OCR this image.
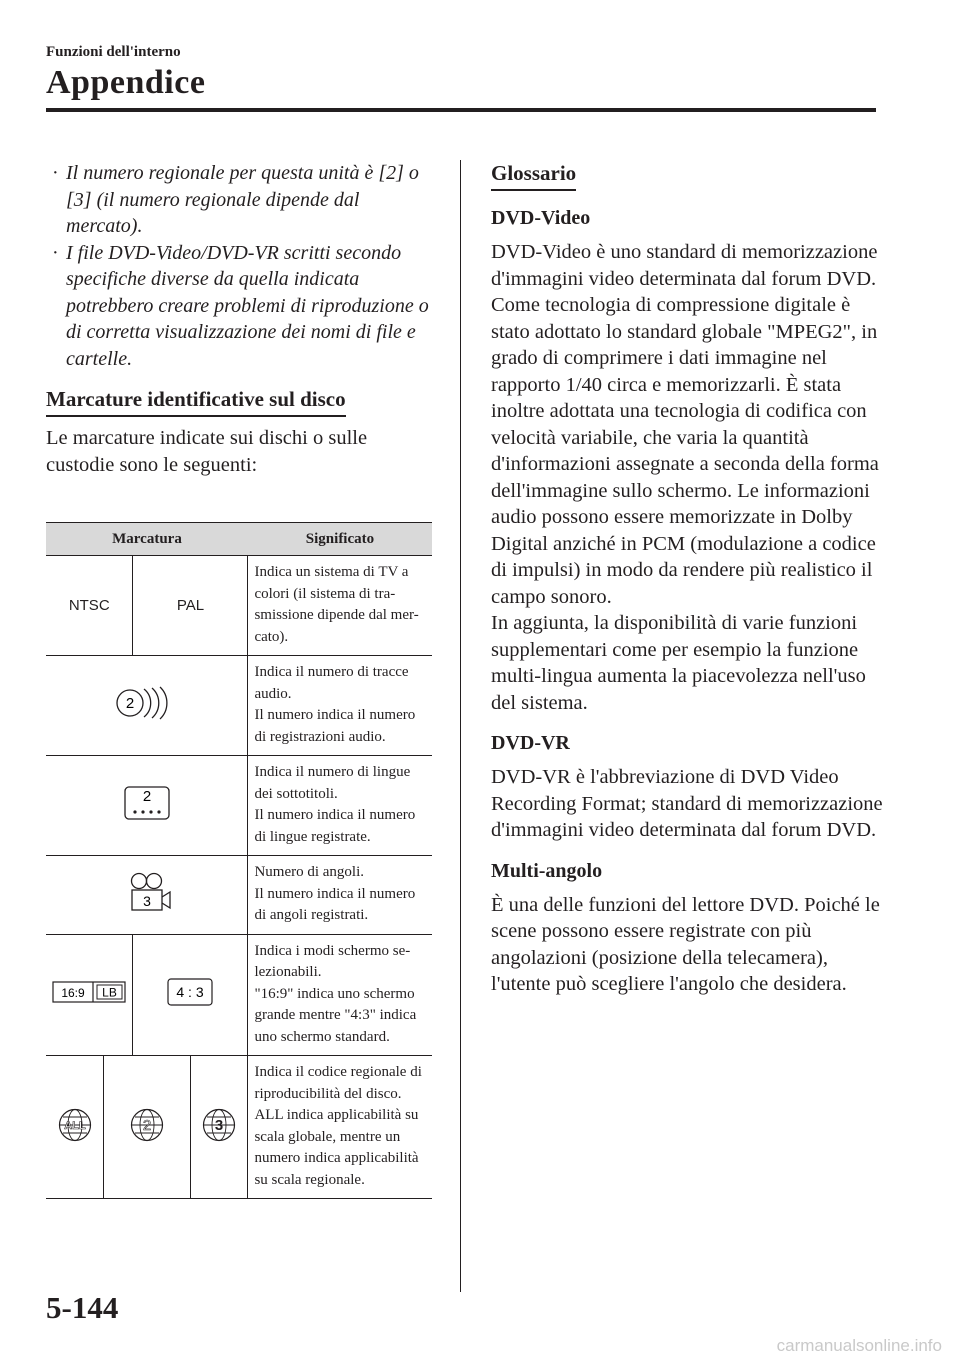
Funzioni dell'interno
Appendice
· Il numero regionale per questa unità è [2] o [3] (il numero regionale dipende dal mercato).
· I file DVD-Video/DVD-VR scritti secondo specifiche diverse da quella indicata potrebbero creare problemi di riproduzione o di corretta visualizzazione dei nomi di file e cartelle.
Marcature identificative sul disco

Le marcature indicate sui dischi o sulle custodie sono le seguenti:

Marcatura				Significato
NTSC		PAL		Indica un sistema di TV a colori (il sistema di tra-smissione dipende dal mer-cato).

2				Indica il numero di tracce audio.
Il numero indica il numero di registrazioni audio.

2				Indica il numero di lingue dei sottotitoli.
Il numero indica il numero di lingue registrate.

3				Numero di angoli.
Il numero indica il numero di angoli registrati.

16:9 LB		4 : 3		Indica i modi schermo se-lezionabili.
"16:9" indica uno schermo grande mentre "4:3" indica uno schermo standard.

ALL	2		3	Indica il codice regionale di riproducibilità del disco. ALL indica applicabilità su scala globale, mentre un numero indica applicabilità su scala regionale.
Glossario
DVD-Video

DVD-Video è uno standard di memorizzazione d'immagini video determinata dal forum DVD.
Come tecnologia di compressione digitale è stato adottato lo standard globale "MPEG2", in grado di comprimere i dati immagine nel rapporto 1/40 circa e memorizzarli. È stata inoltre adottata una tecnologia di codifica con velocità variabile, che varia la quantità d'informazioni assegnate a seconda della forma dell'immagine sullo schermo. Le informazioni audio possono essere memorizzate in Dolby Digital anziché in PCM (modulazione a codice di impulsi) in modo da rendere più realistico il campo sonoro.
In aggiunta, la disponibilità di varie funzioni supplementari come per esempio la funzione multi-lingua aumenta la piacevolezza nell'uso del sistema.

DVD-VR

DVD-VR è l'abbreviazione di DVD Video Recording Format; standard di memorizzazione d'immagini video determinata dal forum DVD.

Multi-angolo

È una delle funzioni del lettore DVD. Poiché le scene possono essere registrate con più angolazioni (posizione della telecamera), l'utente può scegliere l'angolo che desidera.

5-144
carmanualsonline.info
